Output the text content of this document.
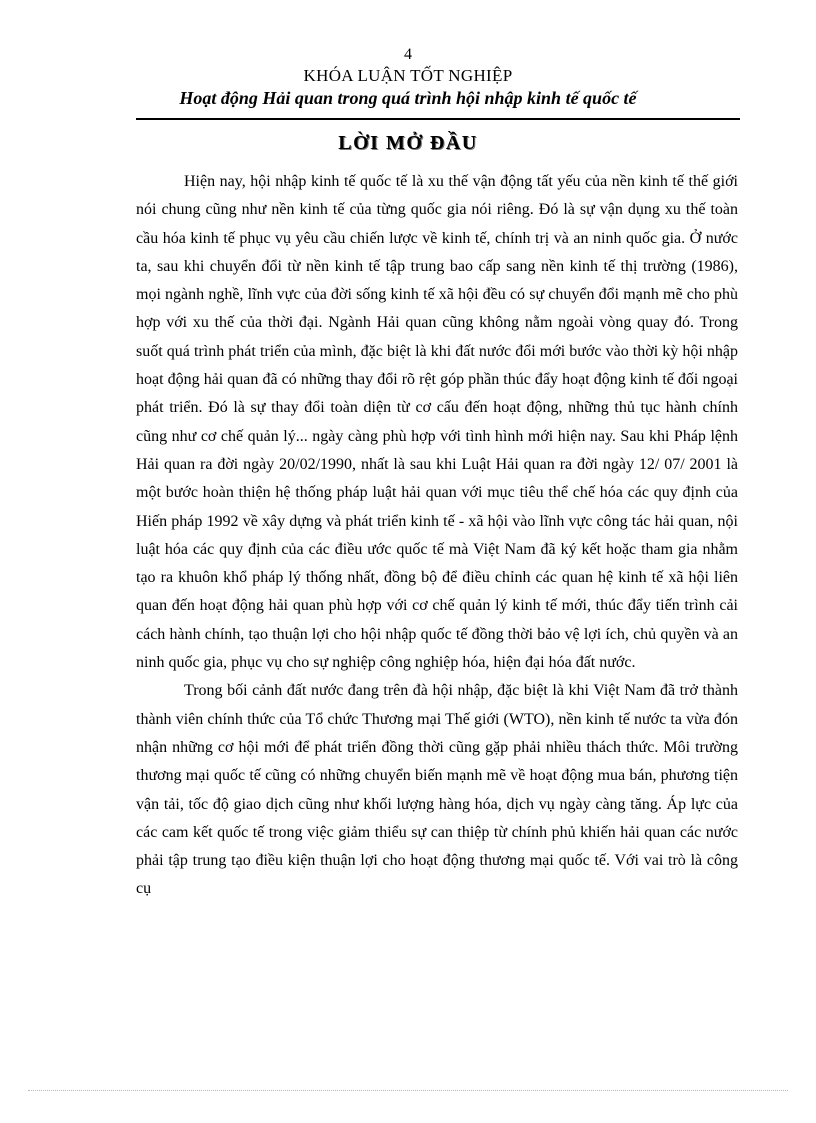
4
KHÓA LUẬN TỐT NGHIỆP
Hoạt động Hải quan trong quá trình hội nhập kinh tế quốc tế
LỜI MỞ ĐẦU

Hiện nay, hội nhập kinh tế quốc tế là xu thế vận động tất yếu của nền kinh tế thế giới nói chung cũng như nền kinh tế của từng quốc gia nói riêng. Đó là sự vận dụng xu thế toàn cầu hóa kinh tế phục vụ yêu cầu chiến lược về kinh tế, chính trị và an ninh quốc gia. Ở nước ta, sau khi chuyển đổi từ nền kinh tế tập trung bao cấp sang nền kinh tế thị trường (1986), mọi ngành nghề, lĩnh vực của đời sống kinh tế xã hội đều có sự chuyển đổi mạnh mẽ cho phù hợp với xu thế của thời đại. Ngành Hải quan cũng không nằm ngoài vòng quay đó. Trong suốt quá trình phát triển của mình, đặc biệt là khi đất nước đổi mới bước vào thời kỳ hội nhập hoạt động hải quan đã có những thay đổi rõ rệt góp phần thúc đẩy hoạt động kinh tế đối ngoại phát triển. Đó là sự thay đổi toàn diện từ cơ cấu đến hoạt động, những thủ tục hành chính cũng như cơ chế quản lý... ngày càng phù hợp với tình hình mới hiện nay. Sau khi Pháp lệnh Hải quan ra đời ngày 20/02/1990, nhất là sau khi Luật Hải quan ra đời ngày 12/ 07/ 2001 là một bước hoàn thiện hệ thống pháp luật hải quan với mục tiêu thể chế hóa các quy định của Hiến pháp 1992 về xây dựng và phát triển kinh tế - xã hội vào lĩnh vực công tác hải quan, nội luật hóa các quy định của các điều ước quốc tế mà Việt Nam đã ký kết hoặc tham gia nhằm tạo ra khuôn khổ pháp lý thống nhất, đồng bộ để điều chỉnh các quan hệ kinh tế xã hội liên quan đến hoạt động hải quan phù hợp với cơ chế quản lý kinh tế mới, thúc đẩy tiến trình cải cách hành chính, tạo thuận lợi cho hội nhập quốc tế đồng thời bảo vệ lợi ích, chủ quyền và an ninh quốc gia, phục vụ cho sự nghiệp công nghiệp hóa, hiện đại hóa đất nước.

Trong bối cảnh đất nước đang trên đà hội nhập, đặc biệt là khi Việt Nam đã trở thành thành viên chính thức của Tổ chức Thương mại Thế giới (WTO), nền kinh tế nước ta vừa đón nhận những cơ hội mới để phát triển đồng thời cũng gặp phải nhiều thách thức. Môi trường thương mại quốc tế cũng có những chuyển biến mạnh mẽ về hoạt động mua bán, phương tiện vận tải, tốc độ giao dịch cũng như khối lượng hàng hóa, dịch vụ ngày càng tăng. Áp lực của các cam kết quốc tế trong việc giảm thiểu sự can thiệp từ chính phủ khiến hải quan các nước phải tập trung tạo điều kiện thuận lợi cho hoạt động thương mại quốc tế. Với vai trò là công cụ
